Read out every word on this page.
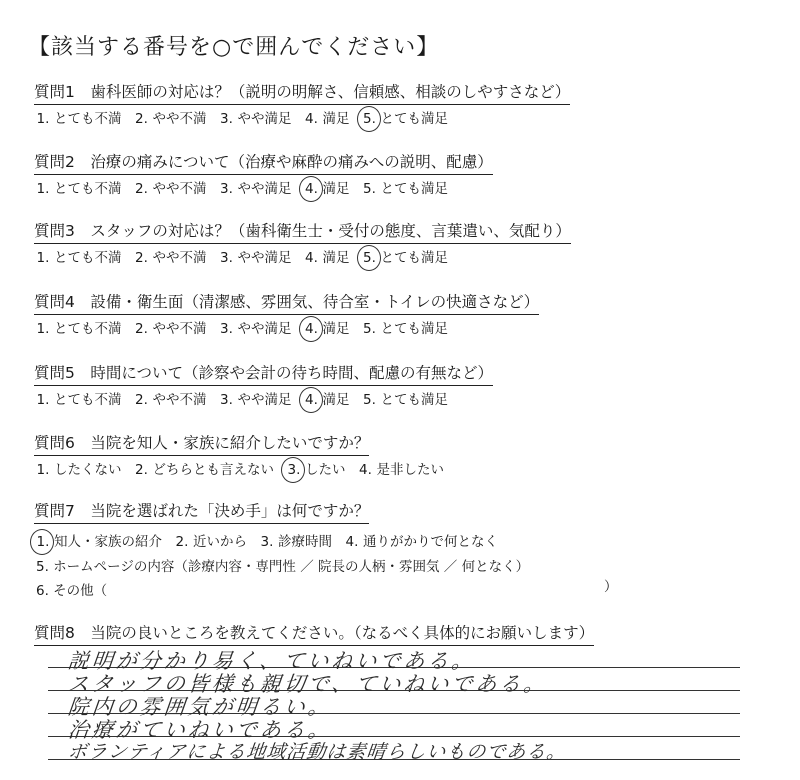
【該当する番号を○で囲んでください】
質問1　歯科医師の対応は？（説明の明解さ、信頼感、相談のしやすさなど）
1 . とても不満 2 . やや不満 3 . やや満足 4 . 満足 5 . とても満足
質問2　治療の痛みについて（治療や麻酔の痛みへの説明、配慮）
1 . とても不満 2 . やや不満 3 . やや満足 4 . 満足 5 . とても満足
質問3　スタッフの対応は？（歯科衛生士・受付の態度、言葉遣い、気配り）
1 . とても不満 2 . やや不満 3 . やや満足 4 . 満足 5 . とても満足
質問4　設備・衛生面（清潔感、雰囲気、待合室・トイレの快適さなど）
1 . とても不満 2 . やや不満 3 . やや満足 4 . 満足 5 . とても満足
質問5　時間について（診察や会計の待ち時間、配慮の有無など）
1 . とても不満 2 . やや不満 3 . やや満足 4 . 満足 5 . とても満足
質問6　当院を知人・家族に紹介したいですか？
1 . したくない 2 . どちらとも言えない 3 . したい 4 . 是非したい
質問7　当院を選ばれた「決め手」は何ですか？
1 . 知人・家族の紹介 2 . 近いから 3 . 診療時間 4 . 通りがかりで何となく
5. ホームページの内容（診療内容・専門性 ／ 院長の人柄・雰囲気 ／ 何となく）
6. その他（	）
質問8　当院の良いところを教えてください。（なるべく具体的にお願いします）
説明が分かり易く、ていねいである。
スタッフの皆様も親切で、ていねいである。
院内の雰囲気が明るい。
治療がていねいである。
ボランティアによる地域活動は素晴らしいものである。
